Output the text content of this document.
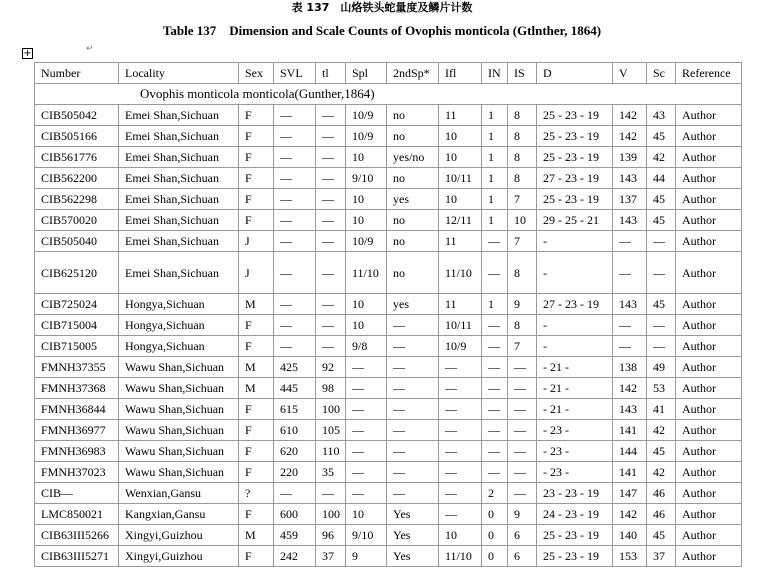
表 137　山烙铁头蛇量度及鳞片计数
Table 137　Dimension and Scale Counts of Ovophis monticola (Gtlnther, 1864)
+	↵
Number	Locality	Sex	SVL	tl	Spl	2ndSp*	Ifl	IN	IS	D	V	Sc	Reference
Ovophis monticola monticola(Gunther,1864)													
CIB505042	Emei Shan,Sichuan	F	—	—	10/9	no	11	1	8	25 - 23 - 19	142	43	Author
CIB505166	Emei Shan,Sichuan	F	—	—	10/9	no	10	1	8	25 - 23 - 19	142	45	Author
CIB561776	Emei Shan,Sichuan	F	—	—	10	yes/no	10	1	8	25 - 23 - 19	139	42	Author
CIB562200	Emei Shan,Sichuan	F	—	—	9/10	no	10/11	1	8	27 - 23 - 19	143	44	Author
CIB562298	Emei Shan,Sichuan	F	—	—	10	yes	10	1	7	25 - 23 - 19	137	45	Author
CIB570020	Emei Shan,Sichuan	F	—	—	10	no	12/11	1	10	29 - 25 - 21	143	45	Author
CIB505040	Emei Shan,Sichuan	J	—	—	10/9	no	11	—	7	-	—	—	Author
CIB625120	Emei Shan,Sichuan	J	—	—	11/10	no	11/10	—	8	-	—	—	Author
CIB725024	Hongya,Sichuan	M	—	—	10	yes	11	1	9	27 - 23 - 19	143	45	Author
CIB715004	Hongya,Sichuan	F	—	—	10	—	10/11	—	8	-	—	—	Author
CIB715005	Hongya,Sichuan	F	—	—	9/8	—	10/9	—	7	-	—	—	Author
FMNH37355	Wawu Shan,Sichuan	M	425	92	—	—	—	—	—	- 21 -	138	49	Author
FMNH37368	Wawu Shan,Sichuan	M	445	98	—	—	—	—	—	- 21 -	142	53	Author
FMNH36844	Wawu Shan,Sichuan	F	615	100	—	—	—	—	—	- 21 -	143	41	Author
FMNH36977	Wawu Shan,Sichuan	F	610	105	—	—	—	—	—	- 23 -	141	42	Author
FMNH36983	Wawu Shan,Sichuan	F	620	110	—	—	—	—	—	- 23 -	144	45	Author
FMNH37023	Wawu Shan,Sichuan	F	220	35	—	—	—	—	—	- 23 -	141	42	Author
CIB—	Wenxian,Gansu	?	—	—	—	—	—	2	—	23 - 23 - 19	147	46	Author
LMC850021	Kangxian,Gansu	F	600	100	10	Yes	—	0	9	24 - 23 - 19	142	46	Author
CIB63III5266	Xingyi,Guizhou	M	459	96	9/10	Yes	10	0	6	25 - 23 - 19	140	45	Author
CIB63III5271	Xingyi,Guizhou	F	242	37	9	Yes	11/10	0	6	25 - 23 - 19	153	37	Author
